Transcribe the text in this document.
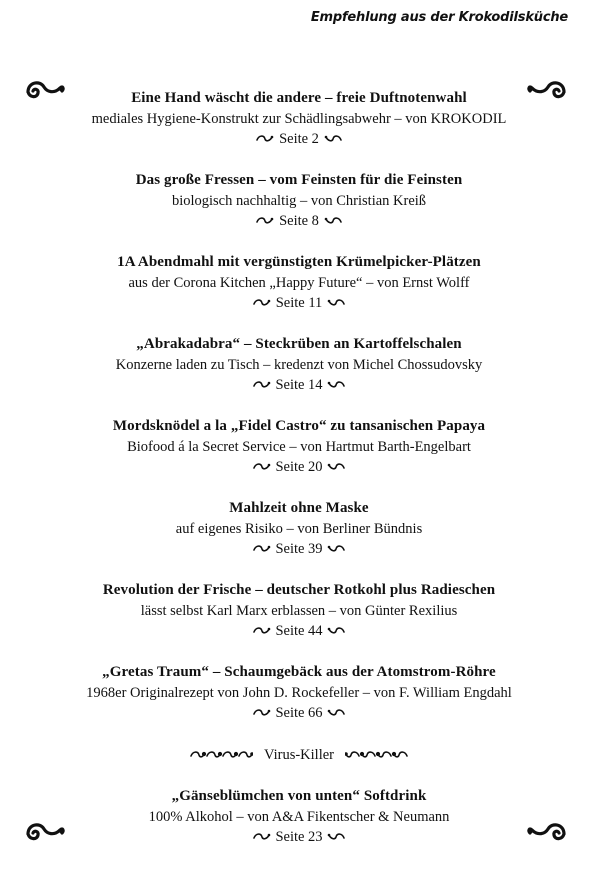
Empfehlung aus der Krokodilsküche
Eine Hand wäscht die andere – freie Duftnotenwahl
mediales Hygiene-Konstrukt zur Schädlingsabwehr – von KROKODIL
Seite 2
Das große Fressen – vom Feinsten für die Feinsten
biologisch nachhaltig – von Christian Kreiß
Seite 8
1A Abendmahl mit vergünstigten Krümelpicker-Plätzen
aus der Corona Kitchen „Happy Future“ – von Ernst Wolff
Seite 11
„Abrakadabra“ – Steckrüben an Kartoffelschalen
Konzerne laden zu Tisch – kredenzt von Michel Chossudovsky
Seite 14
Mordsknödel a la „Fidel Castro“ zu tansanischen Papaya
Biofood á la Secret Service – von Hartmut Barth-Engelbart
Seite 20
Mahlzeit ohne Maske
auf eigenes Risiko – von Berliner Bündnis
Seite 39
Revolution der Frische – deutscher Rotkohl plus Radieschen
lässt selbst Karl Marx erblassen – von Günter Rexilius
Seite 44
„Gretas Traum“ – Schaumgebäck aus der Atomstrom-Röhre
1968er Originalrezept von John D. Rockefeller – von F. William Engdahl
Seite 66
„Gänseblümchen von unten“ Softdrink
100% Alkohol – von A&A Fikentscher & Neumann
Seite 23
Virus-Killer
